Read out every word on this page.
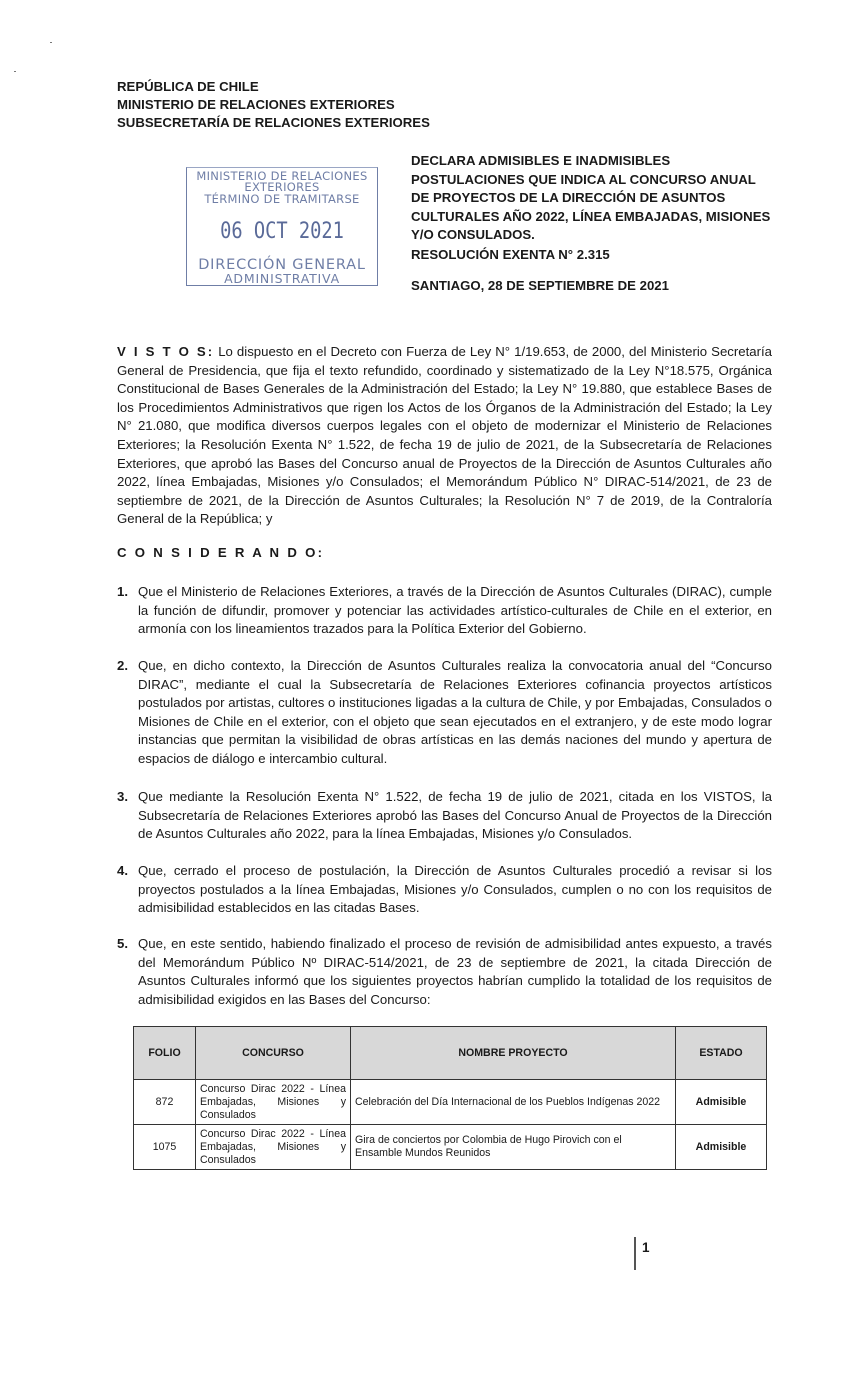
REPÚBLICA DE CHILE
MINISTERIO DE RELACIONES EXTERIORES
SUBSECRETARÍA DE RELACIONES EXTERIORES
MINISTERIO DE RELACIONES
EXTERIORES
TÉRMINO DE TRAMITARSE
06 OCT 2021
DIRECCIÓN GENERAL
ADMINISTRATIVA
DECLARA ADMISIBLES E INADMISIBLES POSTULACIONES QUE INDICA AL CONCURSO ANUAL DE PROYECTOS DE LA DIRECCIÓN DE ASUNTOS CULTURALES AÑO 2022, LÍNEA EMBAJADAS, MISIONES Y/O CONSULADOS.
RESOLUCIÓN EXENTA N° 2.315
SANTIAGO, 28 DE SEPTIEMBRE DE 2021
V I S T O S: Lo dispuesto en el Decreto con Fuerza de Ley N° 1/19.653, de 2000, del Ministerio Secretaría General de Presidencia, que fija el texto refundido, coordinado y sistematizado de la Ley N°18.575, Orgánica Constitucional de Bases Generales de la Administración del Estado; la Ley N° 19.880, que establece Bases de los Procedimientos Administrativos que rigen los Actos de los Órganos de la Administración del Estado; la Ley N° 21.080, que modifica diversos cuerpos legales con el objeto de modernizar el Ministerio de Relaciones Exteriores; la Resolución Exenta N° 1.522, de fecha 19 de julio de 2021, de la Subsecretaría de Relaciones Exteriores, que aprobó las Bases del Concurso anual de Proyectos de la Dirección de Asuntos Culturales año 2022, línea Embajadas, Misiones y/o Consulados; el Memorándum Público N° DIRAC-514/2021, de 23 de septiembre de 2021, de la Dirección de Asuntos Culturales; la Resolución N° 7 de 2019, de la Contraloría General de la República; y
C O N S I D E R A N D O:
1. Que el Ministerio de Relaciones Exteriores, a través de la Dirección de Asuntos Culturales (DIRAC), cumple la función de difundir, promover y potenciar las actividades artístico-culturales de Chile en el exterior, en armonía con los lineamientos trazados para la Política Exterior del Gobierno.
2. Que, en dicho contexto, la Dirección de Asuntos Culturales realiza la convocatoria anual del “Concurso DIRAC”, mediante el cual la Subsecretaría de Relaciones Exteriores cofinancia proyectos artísticos postulados por artistas, cultores o instituciones ligadas a la cultura de Chile, y por Embajadas, Consulados o Misiones de Chile en el exterior, con el objeto que sean ejecutados en el extranjero, y de este modo lograr instancias que permitan la visibilidad de obras artísticas en las demás naciones del mundo y apertura de espacios de diálogo e intercambio cultural.
3. Que mediante la Resolución Exenta N° 1.522, de fecha 19 de julio de 2021, citada en los VISTOS, la Subsecretaría de Relaciones Exteriores aprobó las Bases del Concurso Anual de Proyectos de la Dirección de Asuntos Culturales año 2022, para la línea Embajadas, Misiones y/o Consulados.
4. Que, cerrado el proceso de postulación, la Dirección de Asuntos Culturales procedió a revisar si los proyectos postulados a la línea Embajadas, Misiones y/o Consulados, cumplen o no con los requisitos de admisibilidad establecidos en las citadas Bases.
5. Que, en este sentido, habiendo finalizado el proceso de revisión de admisibilidad antes expuesto, a través del Memorándum Público Nº DIRAC-514/2021, de 23 de septiembre de 2021, la citada Dirección de Asuntos Culturales informó que los siguientes proyectos habrían cumplido la totalidad de los requisitos de admisibilidad exigidos en las Bases del Concurso:
FOLIO	CONCURSO	NOMBRE PROYECTO	ESTADO
872	Concurso Dirac 2022 - Línea Embajadas, Misiones y Consulados	Celebración del Día Internacional de los Pueblos Indígenas 2022	Admisible
1075	Concurso Dirac 2022 - Línea Embajadas, Misiones y Consulados	Gira de conciertos por Colombia de Hugo Pirovich con el Ensamble Mundos Reunidos	Admisible
1
